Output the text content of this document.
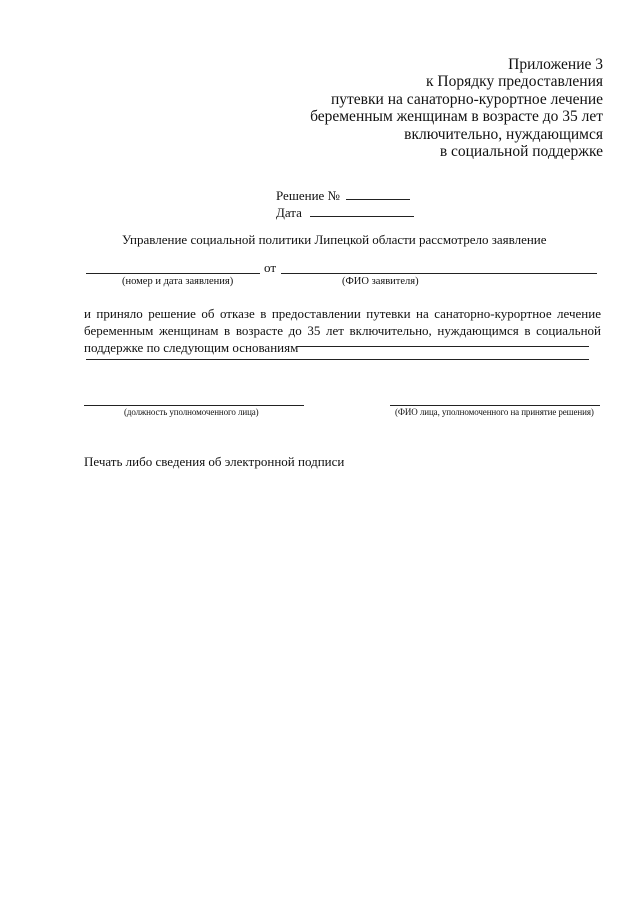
Приложение 3
к Порядку предоставления
путевки на санаторно-курортное лечение
беременным женщинам в возрасте до 35 лет
включительно, нуждающимся
в социальной поддержке
Решение №
Дата
Управление социальной политики Липецкой области рассмотрело заявление
от
(номер и дата заявления)	(ФИО заявителя)
и приняло решение об отказе в предоставлении путевки на санаторно-курортное лечение беременным женщинам в возрасте до 35 лет включительно, нуждающимся в социальной поддержке по следующим основаниям
(должность уполномоченного лица)	(ФИО лица, уполномоченного на принятие решения)
Печать либо сведения об электронной подписи
